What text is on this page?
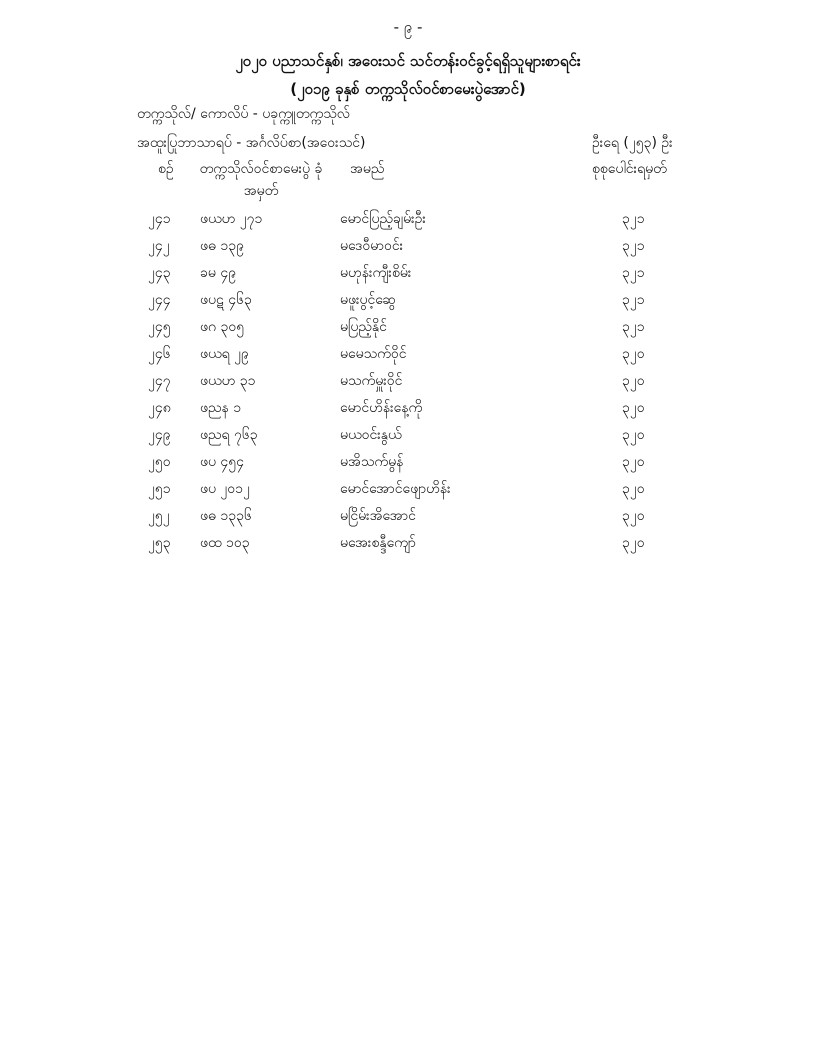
- ၉ -
၂၀၂၀ ပညာသင်နှစ်၊ အဝေးသင် သင်တန်းဝင်ခွင့်ရရှိသူများစာရင်း
(၂၀၁၉ ခုနှစ် တက္ကသိုလ်ဝင်စာမေးပွဲအောင်)
တက္ကသိုလ်/ ကောလိပ် - ပခုက္ကူတက္ကသိုလ်
အထူးပြုဘာသာရပ် - အင်္ဂလိပ်စာ(အဝေးသင်)	ဦးရေ (၂၅၃) ဦး
စဉ် တက္ကသိုလ်ဝင်စာမေးပွဲ ခုံအမှတ်
အမည်	စုစုပေါင်းရမှတ်
၂၄၁ ဖယဟ ၂၇၁	မောင်ပြည့်ချမ်းဦး	၃၂၁
၂၄၂ ဖဓ ၁၃၉	မဒေဝီမာဝင်း	၃၂၁
၂၄၃ ခမ ၄၉	မဟုန်းကျီးစိမ်း	၃၂၁
၂၄၄ ဖပဋ ၄၆၃	မဖူးပွင့်ဆွေ	၃၂၁
၂၄၅ ဖဂ ၃၀၅	မပြည့်နိုင်	၃၂၁
၂၄၆ ဖယရ ၂၉	မမေသက်ဝိုင်	၃၂၀
၂၄၇ ဖယဟ ၃၁	မသက်မှူးဝိုင်	၃၂၀
၂၄၈ ဖညန ၁	မောင်ဟိန်းနေ့ကို	၃၂၀
၂၄၉ ဖညရ ၇၆၃	မယဝင်းနွယ်	၃၂၀
၂၅၀ ဖပ ၄၅၄	မအိသက်မွန်	၃၂၀
၂၅၁ ဖပ ၂၀၁၂	မောင်အောင်ဖျောဟိန်း	၃၂၀
၂၅၂ ဖဓ ၁၃၃၆	မငြိမ်းအိအောင်	၃၂၀
၂၅၃ ဖထ ၁၀၃	မအေးစန္ဒီကျော်	၃၂၀
